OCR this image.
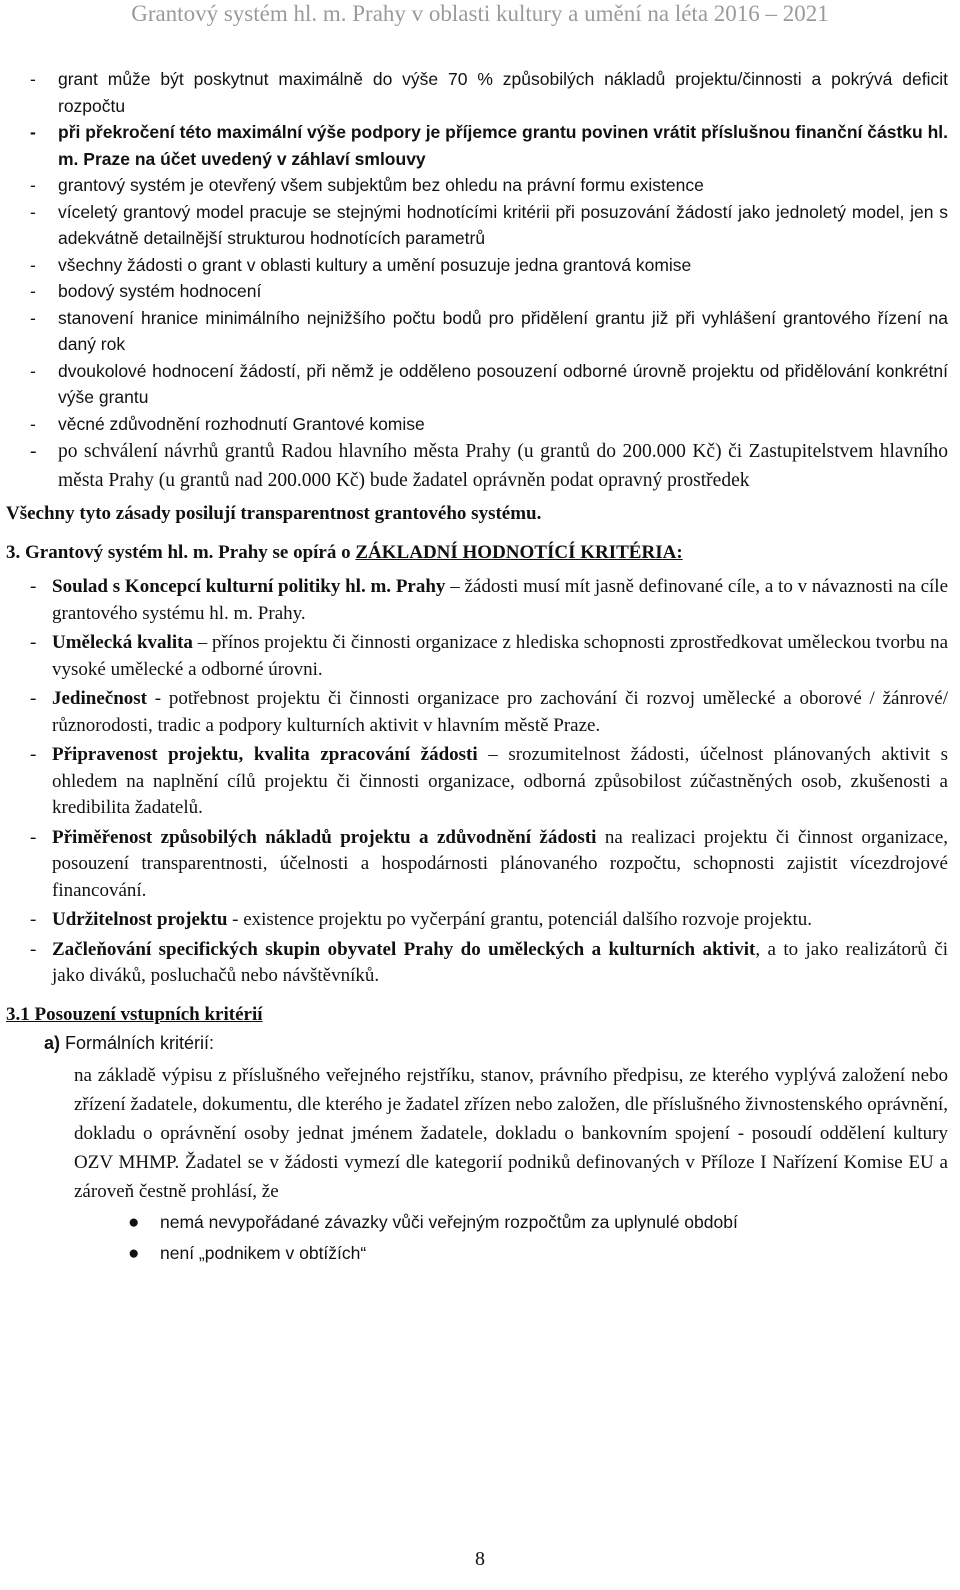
Grantový systém hl. m. Prahy v oblasti kultury a umění na léta 2016 – 2021
- grant může být poskytnut maximálně do výše 70 % způsobilých nákladů projektu/činnosti a pokrývá deficit rozpočtu
- při překročení této maximální výše podpory je příjemce grantu povinen vrátit příslušnou finanční částku hl. m. Praze na účet uvedený v záhlaví smlouvy
- grantový systém je otevřený všem subjektům bez ohledu na právní formu existence
- víceletý grantový model pracuje se stejnými hodnotícími kritérii při posuzování žádostí jako jednoletý model, jen s adekvátně detailnější strukturou hodnotících parametrů
- všechny žádosti o grant v oblasti kultury a umění posuzuje jedna grantová komise
- bodový systém hodnocení
- stanovení hranice minimálního nejnižšího počtu bodů pro přidělení grantu již při vyhlášení grantového řízení na daný rok
- dvoukolové hodnocení žádostí, při němž je odděleno posouzení odborné úrovně projektu od přidělování konkrétní výše grantu
- věcné zdůvodnění rozhodnutí Grantové komise
- po schválení návrhů grantů Radou hlavního města Prahy (u grantů do 200.000 Kč) či Zastupitelstvem hlavního města Prahy (u grantů nad 200.000 Kč) bude žadatel oprávněn podat opravný prostředek
Všechny tyto zásady posilují transparentnost grantového systému.
3. Grantový systém hl. m. Prahy se opírá o ZÁKLADNÍ HODNOTÍCÍ KRITÉRIA:
- Soulad s Koncepcí kulturní politiky hl. m. Prahy – žádosti musí mít jasně definované cíle, a to v návaznosti na cíle grantového systému hl. m. Prahy.
- Umělecká kvalita – přínos projektu či činnosti organizace z hlediska schopnosti zprostředkovat uměleckou tvorbu na vysoké umělecké a odborné úrovni.
- Jedinečnost - potřebnost projektu či činnosti organizace pro zachování či rozvoj umělecké a oborové / žánrové/ různorodosti, tradic a podpory kulturních aktivit v hlavním městě Praze.
- Připravenost projektu, kvalita zpracování žádosti – srozumitelnost žádosti, účelnost plánovaných aktivit s ohledem na naplnění cílů projektu či činnosti organizace, odborná způsobilost zúčastněných osob, zkušenosti a kredibilita žadatelů.
- Přiměřenost způsobilých nákladů projektu a zdůvodnění žádosti na realizaci projektu či činnost organizace, posouzení transparentnosti, účelnosti a hospodárnosti plánovaného rozpočtu, schopnosti zajistit vícezdrojové financování.
- Udržitelnost projektu - existence projektu po vyčerpání grantu, potenciál dalšího rozvoje projektu.
- Začleňování specifických skupin obyvatel Prahy do uměleckých a kulturních aktivit, a to jako realizátorů či jako diváků, posluchačů nebo návštěvníků.
3.1 Posouzení vstupních kritérií
a) Formálních kritérií:
na základě výpisu z příslušného veřejného rejstříku, stanov, právního předpisu, ze kterého vyplývá založení nebo zřízení žadatele, dokumentu, dle kterého je žadatel zřízen nebo založen, dle příslušného živnostenského oprávnění, dokladu o oprávnění osoby jednat jménem žadatele, dokladu o bankovním spojení - posoudí oddělení kultury OZV MHMP. Žadatel se v žádosti vymezí dle kategorií podniků definovaných v Příloze I Nařízení Komise EU a zároveň čestně prohlásí, že
● nemá nevypořádané závazky vůči veřejným rozpočtům za uplynulé období
● není „podnikem v obtížích“
8
